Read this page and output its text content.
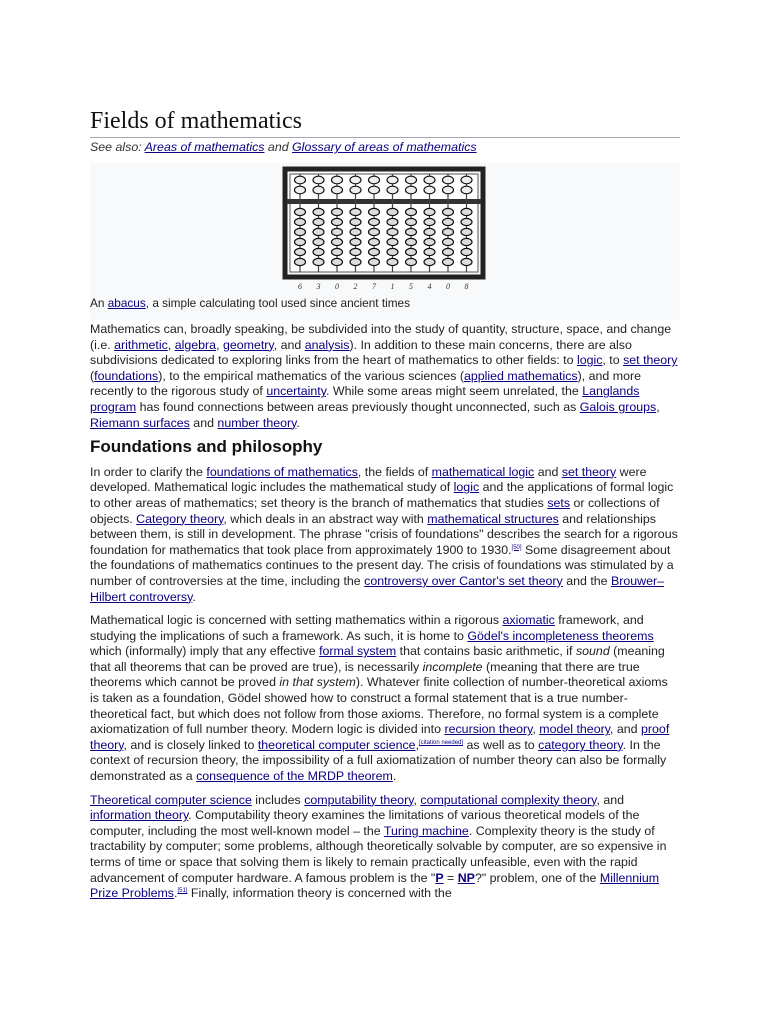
Fields of mathematics
See also: Areas of mathematics and Glossary of areas of mathematics
6 3 0 2 7 1 5 4 0 8
An abacus, a simple calculating tool used since ancient times

Mathematics can, broadly speaking, be subdivided into the study of quantity, structure, space, and change (i.e. arithmetic, algebra, geometry, and analysis). In addition to these main concerns, there are also subdivisions dedicated to exploring links from the heart of mathematics to other fields: to logic, to set theory (foundations), to the empirical mathematics of the various sciences (applied mathematics), and more recently to the rigorous study of uncertainty. While some areas might seem unrelated, the Langlands program has found connections between areas previously thought unconnected, such as Galois groups, Riemann surfaces and number theory.

Foundations and philosophy

In order to clarify the foundations of mathematics, the fields of mathematical logic and set theory were developed. Mathematical logic includes the mathematical study of logic and the applications of formal logic to other areas of mathematics; set theory is the branch of mathematics that studies sets or collections of objects. Category theory, which deals in an abstract way with mathematical structures and relationships between them, is still in development. The phrase "crisis of foundations" describes the search for a rigorous foundation for mathematics that took place from approximately 1900 to 1930.[50] Some disagreement about the foundations of mathematics continues to the present day. The crisis of foundations was stimulated by a number of controversies at the time, including the controversy over Cantor's set theory and the Brouwer–Hilbert controversy.

Mathematical logic is concerned with setting mathematics within a rigorous axiomatic framework, and studying the implications of such a framework. As such, it is home to Gödel's incompleteness theorems which (informally) imply that any effective formal system that contains basic arithmetic, if sound (meaning that all theorems that can be proved are true), is necessarily incomplete (meaning that there are true theorems which cannot be proved in that system). Whatever finite collection of number-theoretical axioms is taken as a foundation, Gödel showed how to construct a formal statement that is a true number-theoretical fact, but which does not follow from those axioms. Therefore, no formal system is a complete axiomatization of full number theory. Modern logic is divided into recursion theory, model theory, and proof theory, and is closely linked to theoretical computer science,[citation needed] as well as to category theory. In the context of recursion theory, the impossibility of a full axiomatization of number theory can also be formally demonstrated as a consequence of the MRDP theorem.

Theoretical computer science includes computability theory, computational complexity theory, and information theory. Computability theory examines the limitations of various theoretical models of the computer, including the most well-known model – the Turing machine. Complexity theory is the study of tractability by computer; some problems, although theoretically solvable by computer, are so expensive in terms of time or space that solving them is likely to remain practically unfeasible, even with the rapid advancement of computer hardware. A famous problem is the "P = NP?" problem, one of the Millennium Prize Problems.[51] Finally, information theory is concerned with the
